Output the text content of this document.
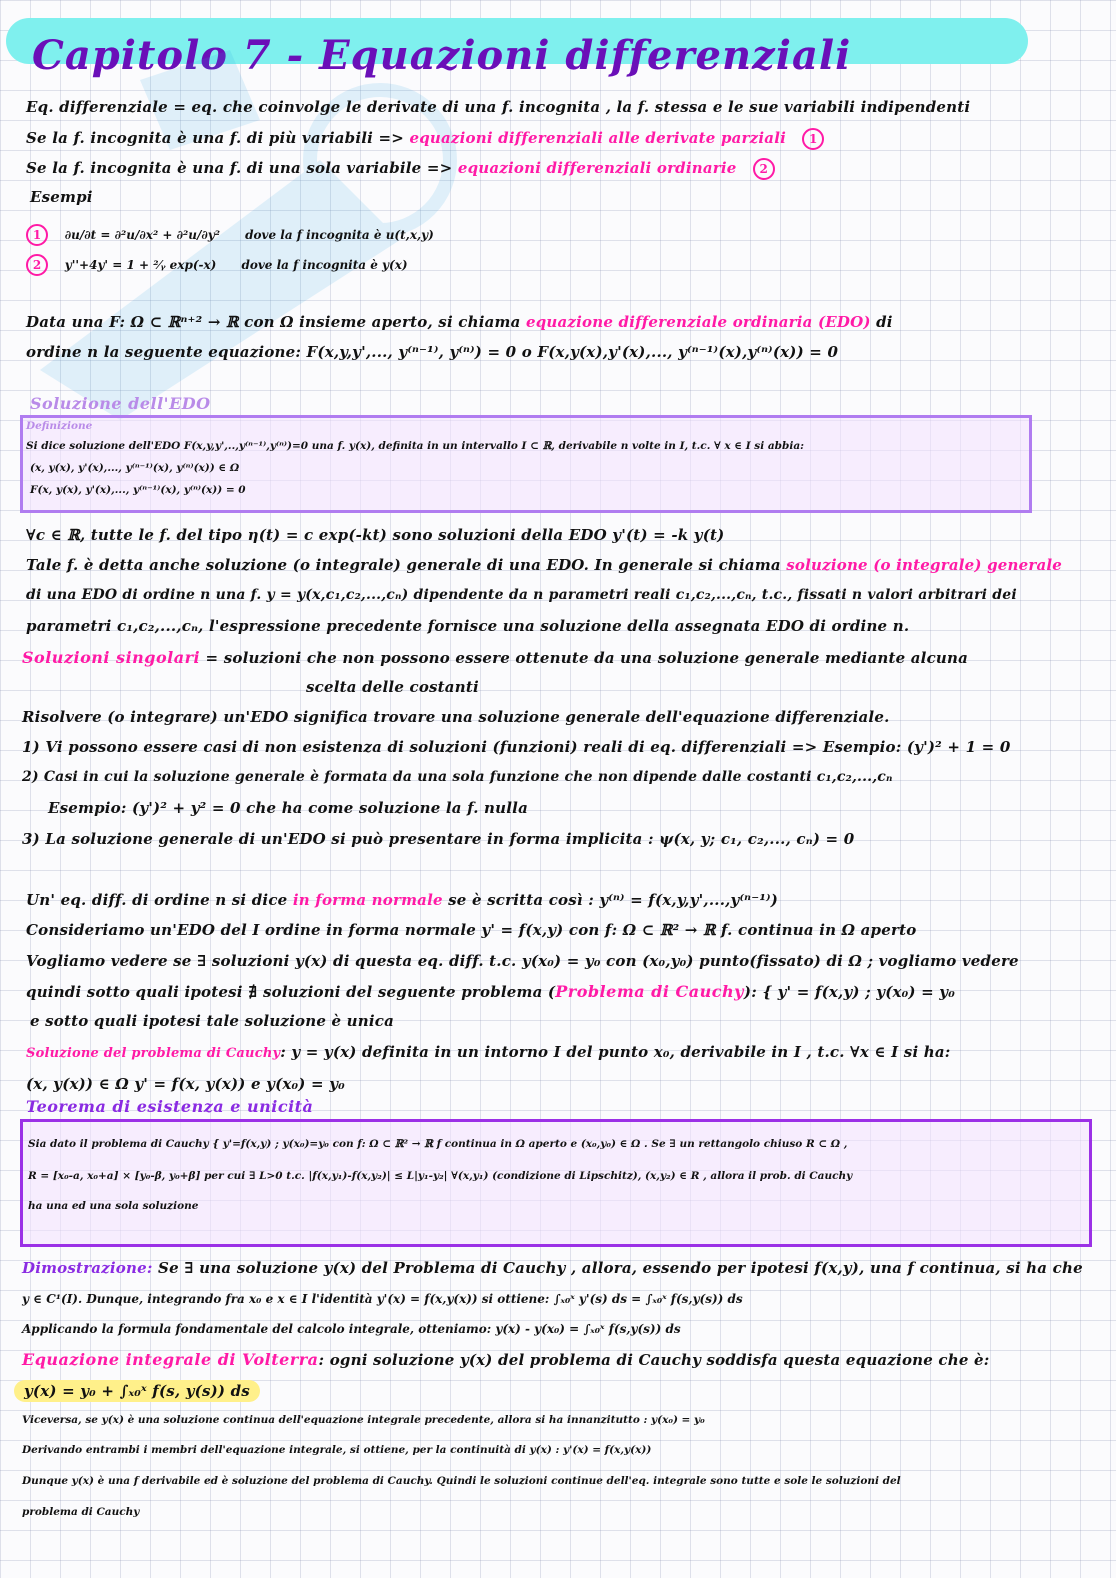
Capitolo 7 - Equazioni differenziali
Eq. differenziale = eq. che coinvolge le derivate di una f. incognita , la f. stessa e le sue variabili indipendenti
Se la f. incognita è una f. di più variabili => equazioni differenziali alle derivate parziali 1
Se la f. incognita è una f. di una sola variabile => equazioni differenziali ordinarie 2
Esempi
1 ∂u/∂t = ∂²u/∂x² + ∂²u/∂y² dove la f incognita è u(t,x,y)
2 y''+4y' = 1 + ²⁄ᵧ exp(-x) dove la f incognita è y(x)
Data una F: Ω ⊂ ℝⁿ⁺² → ℝ con Ω insieme aperto, si chiama equazione differenziale ordinaria (EDO) di
ordine n la seguente equazione: F(x,y,y',..., y⁽ⁿ⁻¹⁾, y⁽ⁿ⁾) = 0 o F(x,y(x),y'(x),..., y⁽ⁿ⁻¹⁾(x),y⁽ⁿ⁾(x)) = 0
Soluzione dell'EDO
Definizione
Si dice soluzione dell'EDO F(x,y,y',..,y⁽ⁿ⁻¹⁾,y⁽ⁿ⁾)=0 una f. y(x), definita in un intervallo I ⊂ ℝ, derivabile n volte in I, t.c. ∀ x ∈ I si abbia:
(x, y(x), y'(x),..., y⁽ⁿ⁻¹⁾(x), y⁽ⁿ⁾(x)) ∈ Ω
F(x, y(x), y'(x),..., y⁽ⁿ⁻¹⁾(x), y⁽ⁿ⁾(x)) = 0
∀c ∈ ℝ, tutte le f. del tipo η(t) = c exp(-kt) sono soluzioni della EDO y'(t) = -k y(t)
Tale f. è detta anche soluzione (o integrale) generale di una EDO. In generale si chiama soluzione (o integrale) generale
di una EDO di ordine n una f. y = y(x,c₁,c₂,...,cₙ) dipendente da n parametri reali c₁,c₂,...,cₙ, t.c., fissati n valori arbitrari dei
parametri c₁,c₂,...,cₙ, l'espressione precedente fornisce una soluzione della assegnata EDO di ordine n.
Soluzioni singolari = soluzioni che non possono essere ottenute da una soluzione generale mediante alcuna
scelta delle costanti
Risolvere (o integrare) un'EDO significa trovare una soluzione generale dell'equazione differenziale.
1) Vi possono essere casi di non esistenza di soluzioni (funzioni) reali di eq. differenziali => Esempio: (y')² + 1 = 0
2) Casi in cui la soluzione generale è formata da una sola funzione che non dipende dalle costanti c₁,c₂,...,cₙ
Esempio: (y')² + y² = 0 che ha come soluzione la f. nulla
3) La soluzione generale di un'EDO si può presentare in forma implicita : ψ(x, y; c₁, c₂,..., cₙ) = 0
Un' eq. diff. di ordine n si dice in forma normale se è scritta così : y⁽ⁿ⁾ = f(x,y,y',...,y⁽ⁿ⁻¹⁾)
Consideriamo un'EDO del I ordine in forma normale y' = f(x,y) con f: Ω ⊂ ℝ² → ℝ f. continua in Ω aperto
Vogliamo vedere se ∃ soluzioni y(x) di questa eq. diff. t.c. y(x₀) = y₀ con (x₀,y₀) punto(fissato) di Ω ; vogliamo vedere
quindi sotto quali ipotesi ∄ soluzioni del seguente problema (Problema di Cauchy): { y' = f(x,y) ; y(x₀) = y₀
e sotto quali ipotesi tale soluzione è unica
Soluzione del problema di Cauchy: y = y(x) definita in un intorno I del punto x₀, derivabile in I , t.c. ∀x ∈ I si ha:
(x, y(x)) ∈ Ω y' = f(x, y(x)) e y(x₀) = y₀
Teorema di esistenza e unicità
Sia dato il problema di Cauchy { y'=f(x,y) ; y(x₀)=y₀ con f: Ω ⊂ ℝ² → ℝ f continua in Ω aperto e (x₀,y₀) ∈ Ω . Se ∃ un rettangolo chiuso R ⊂ Ω ,
R = [x₀-a, x₀+a] × [y₀-β, y₀+β] per cui ∃ L>0 t.c. |f(x,y₁)-f(x,y₂)| ≤ L|y₁-y₂| ∀(x,y₁) (condizione di Lipschitz), (x,y₂) ∈ R , allora il prob. di Cauchy
ha una ed una sola soluzione
Dimostrazione: Se ∃ una soluzione y(x) del Problema di Cauchy , allora, essendo per ipotesi f(x,y), una f continua, si ha che
y ∈ C¹(I). Dunque, integrando fra x₀ e x ∈ I l'identità y'(x) = f(x,y(x)) si ottiene: ∫ₓ₀ˣ y'(s) ds = ∫ₓ₀ˣ f(s,y(s)) ds
Applicando la formula fondamentale del calcolo integrale, otteniamo: y(x) - y(x₀) = ∫ₓ₀ˣ f(s,y(s)) ds
Equazione integrale di Volterra: ogni soluzione y(x) del problema di Cauchy soddisfa questa equazione che è:
y(x) = y₀ + ∫ₓ₀ˣ f(s, y(s)) ds
Viceversa, se y(x) è una soluzione continua dell'equazione integrale precedente, allora si ha innanzitutto : y(x₀) = y₀
Derivando entrambi i membri dell'equazione integrale, si ottiene, per la continuità di y(x) : y'(x) = f(x,y(x))
Dunque y(x) è una f derivabile ed è soluzione del problema di Cauchy. Quindi le soluzioni continue dell'eq. integrale sono tutte e sole le soluzioni del
problema di Cauchy
